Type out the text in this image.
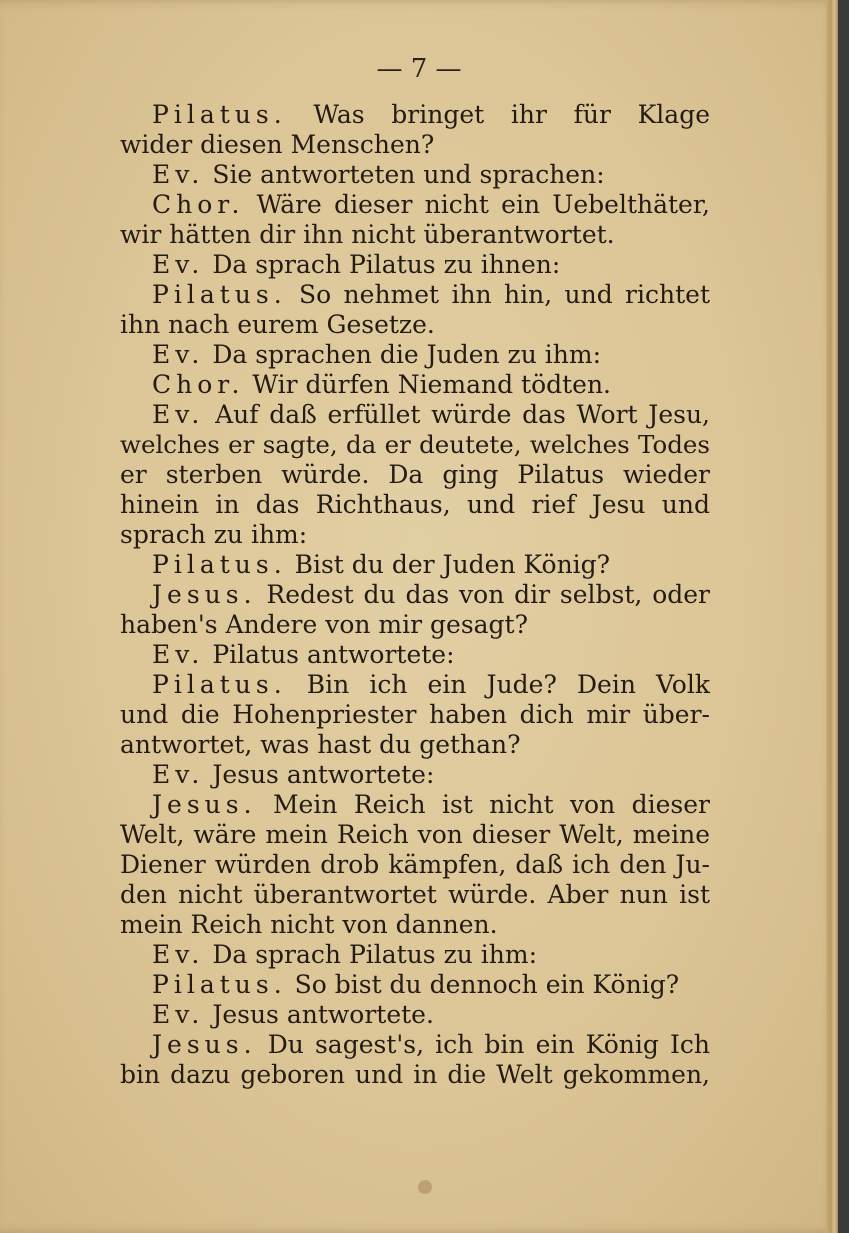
— 7 —
Pilatus. Was bringet ihr für Klage
wider diesen Menschen?
Ev. Sie antworteten und sprachen:
Chor. Wäre dieser nicht ein Uebelthäter,
wir hätten dir ihn nicht überantwortet.
Ev. Da sprach Pilatus zu ihnen:
Pilatus. So nehmet ihn hin, und richtet
ihn nach eurem Gesetze.
Ev. Da sprachen die Juden zu ihm:
Chor. Wir dürfen Niemand tödten.
Ev. Auf daß erfüllet würde das Wort Jesu,
welches er sagte, da er deutete, welches Todes
er sterben würde. Da ging Pilatus wieder
hinein in das Richthaus, und rief Jesu und
sprach zu ihm:
Pilatus. Bist du der Juden König?
Jesus. Redest du das von dir selbst, oder
haben's Andere von mir gesagt?
Ev. Pilatus antwortete:
Pilatus. Bin ich ein Jude? Dein Volk
und die Hohenpriester haben dich mir über-
antwortet, was hast du gethan?
Ev. Jesus antwortete:
Jesus. Mein Reich ist nicht von dieser
Welt, wäre mein Reich von dieser Welt, meine
Diener würden drob kämpfen, daß ich den Ju-
den nicht überantwortet würde. Aber nun ist
mein Reich nicht von dannen.
Ev. Da sprach Pilatus zu ihm:
Pilatus. So bist du dennoch ein König?
Ev. Jesus antwortete.
Jesus. Du sagest's, ich bin ein König Ich
bin dazu geboren und in die Welt gekommen,
